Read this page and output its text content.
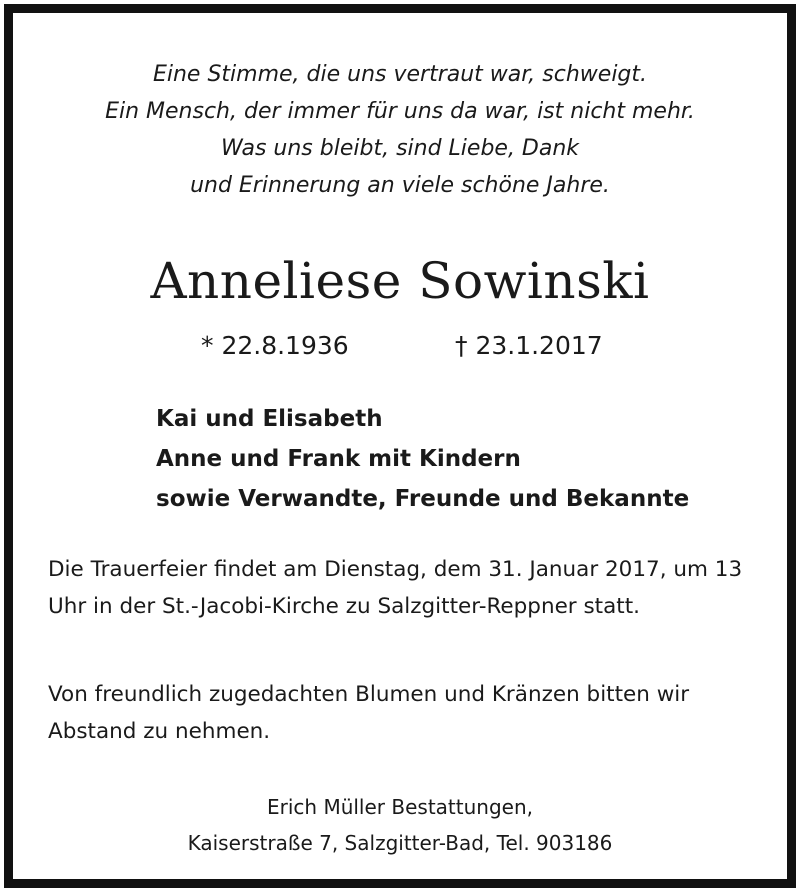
Eine Stimme, die uns vertraut war, schweigt.
Ein Mensch, der immer für uns da war, ist nicht mehr.
Was uns bleibt, sind Liebe, Dank
und Erinnerung an viele schöne Jahre.
Anneliese Sowinski
* 22.8.1936	† 23.1.2017
Kai und Elisabeth
Anne und Frank mit Kindern
sowie Verwandte, Freunde und Bekannte

Die Trauerfeier findet am Dienstag, dem 31. Januar 2017, um 13 Uhr in der St.-Jacobi-Kirche zu Salzgitter-Reppner statt.

Von freundlich zugedachten Blumen und Kränzen bitten wir Abstand zu nehmen.

Erich Müller Bestattungen,
Kaiserstraße 7, Salzgitter-Bad, Tel. 903186
